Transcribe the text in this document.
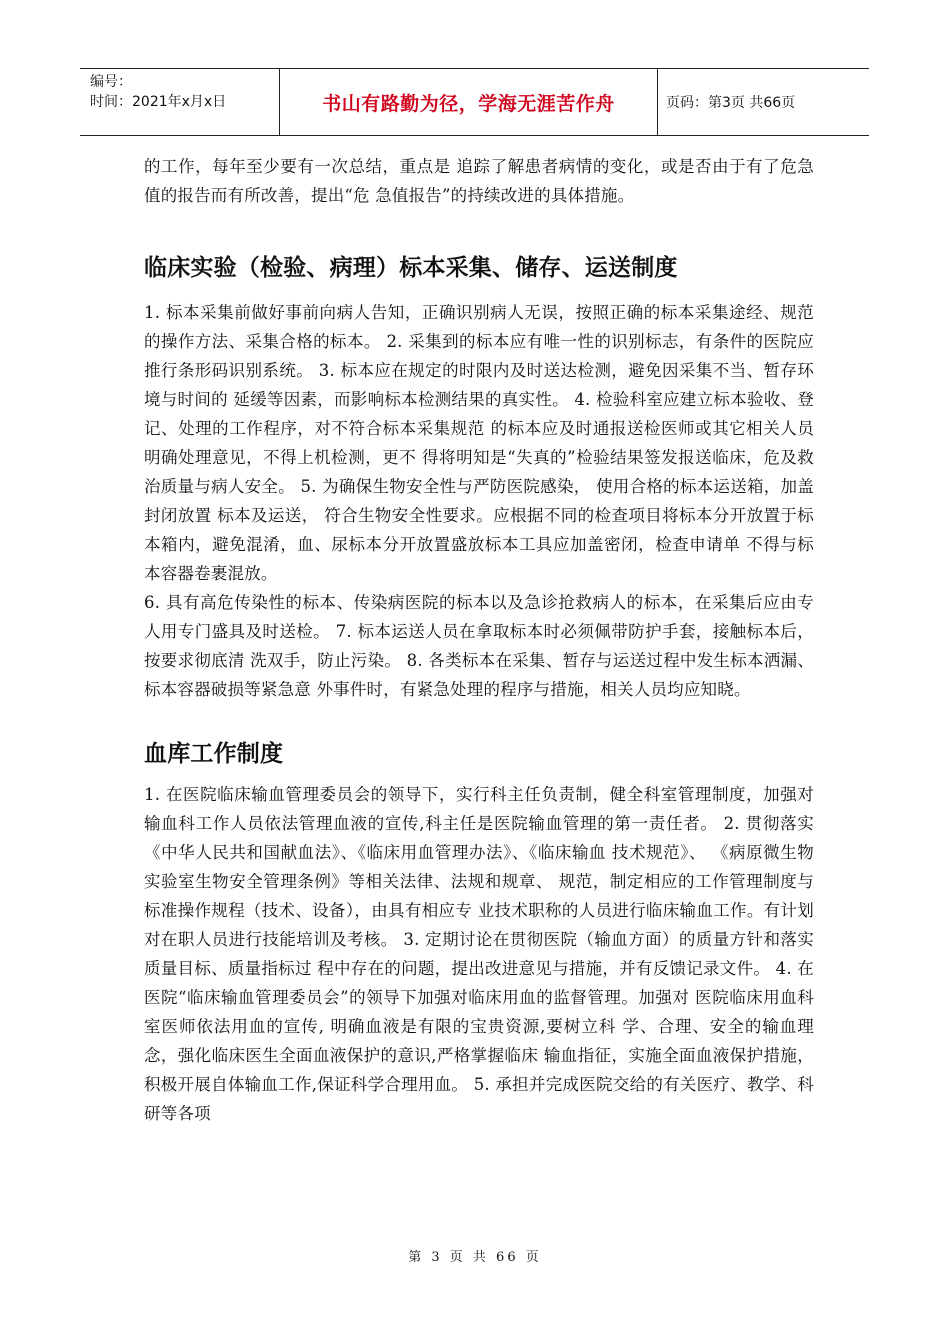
编号：
时间：2021年x月x日	书山有路勤为径，学海无涯苦作舟	页码：第3页 共66页

的工作，每年至少要有一次总结，重点是 追踪了解患者病情的变化，或是否由于有了危急值的报告而有所改善，提出“危 急值报告”的持续改进的具体措施。

临床实验（检验、病理）标本采集、储存、运送制度

1. 标本采集前做好事前向病人告知，正确识别病人无误，按照正确的标本采集途经、规范的操作方法、采集合格的标本。 2. 采集到的标本应有唯一性的识别标志，有条件的医院应推行条形码识别系统。 3. 标本应在规定的时限内及时送达检测，避免因采集不当、暂存环境与时间的 延缓等因素，而影响标本检测结果的真实性。 4. 检验科室应建立标本验收、登记、处理的工作程序，对不符合标本采集规范 的标本应及时通报送检医师或其它相关人员明确处理意见，不得上机检测，更不 得将明知是“失真的”检验结果签发报送临床，危及救治质量与病人安全。 5. 为确保生物安全性与严防医院感染， 使用合格的标本运送箱，加盖封闭放置 标本及运送， 符合生物安全性要求。应根据不同的检查项目将标本分开放置于标 本箱内，避免混淆，血、尿标本分开放置盛放标本工具应加盖密闭，检查申请单 不得与标本容器卷裹混放。

6. 具有高危传染性的标本、传染病医院的标本以及急诊抢救病人的标本，在采集后应由专人用专门盛具及时送检。 7. 标本运送人员在拿取标本时必须佩带防护手套，接触标本后，按要求彻底清 洗双手，防止污染。 8. 各类标本在采集、暂存与运送过程中发生标本洒漏、标本容器破损等紧急意 外事件时，有紧急处理的程序与措施，相关人员均应知晓。

血库工作制度

1. 在医院临床输血管理委员会的领导下，实行科主任负责制，健全科室管理制度，加强对输血科工作人员依法管理血液的宣传,科主任是医院输血管理的第一责任者。 2. 贯彻落实《中华人民共和国献血法》、《临床用血管理办法》、《临床输血 技术规范》、 《病原微生物实验室生物安全管理条例》等相关法律、法规和规章、 规范，制定相应的工作管理制度与标准操作规程（技术、设备），由具有相应专 业技术职称的人员进行临床输血工作。有计划对在职人员进行技能培训及考核。 3. 定期讨论在贯彻医院（输血方面）的质量方针和落实质量目标、质量指标过 程中存在的问题，提出改进意见与措施，并有反馈记录文件。 4. 在医院“临床输血管理委员会”的领导下加强对临床用血的监督管理。加强对 医院临床用血科室医师依法用血的宣传, 明确血液是有限的宝贵资源,要树立科 学、合理、安全的输血理念，强化临床医生全面血液保护的意识,严格掌握临床 输血指征，实施全面血液保护措施，积极开展自体输血工作,保证科学合理用血。 5. 承担并完成医院交给的有关医疗、教学、科研等各项

第 3 页 共 66 页
